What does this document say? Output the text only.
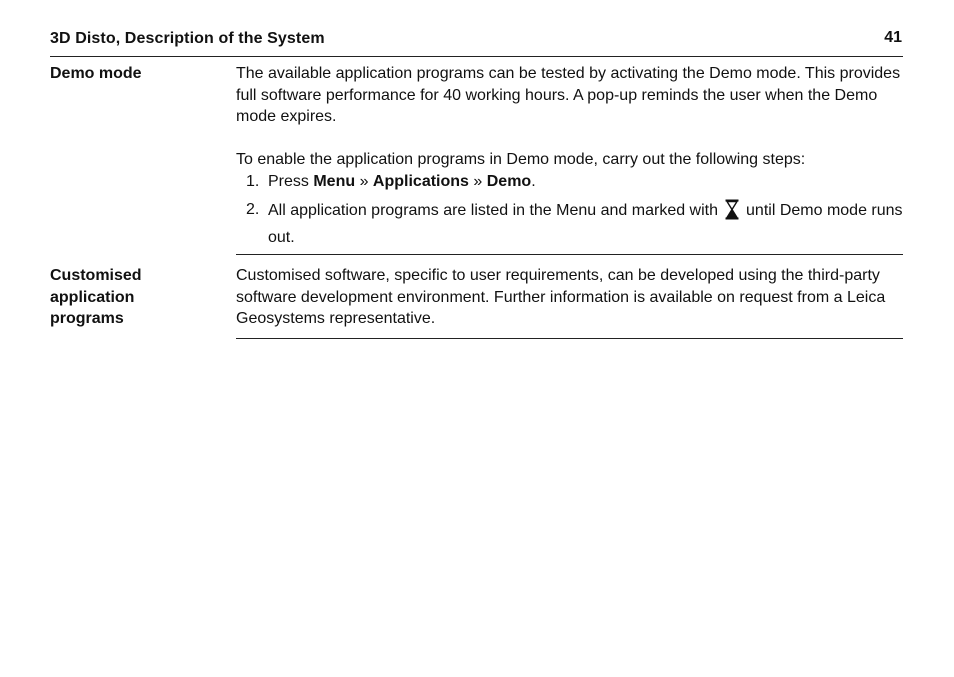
3D Disto, Description of the System	41
Demo mode	The available application programs can be tested by activating the Demo mode. This provides full software performance for 40 working hours. A pop-up reminds the user when the Demo mode expires.
To enable the application programs in Demo mode, carry out the following steps:
1. Press Menu » Applications » Demo.
2. All application programs are listed in the Menu and marked with until Demo mode runs out.
Customised
application
programs
Customised software, specific to user requirements, can be developed using the third-party software development environment. Further information is available on request from a Leica Geosystems representative.
